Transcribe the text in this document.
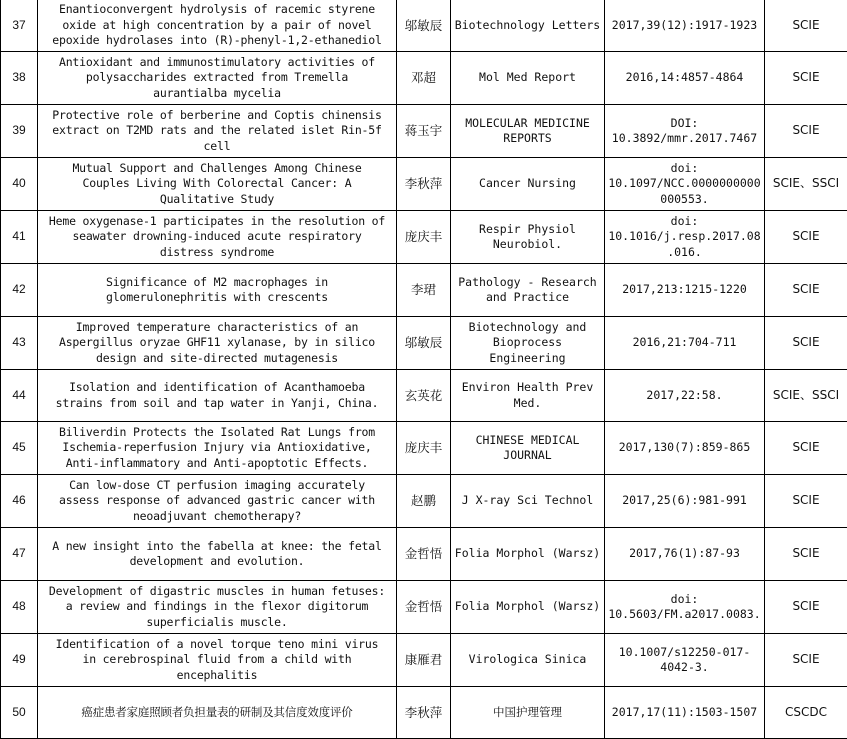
37	Enantioconvergent hydrolysis of racemic styrene
oxide at high concentration by a pair of novel
epoxide hydrolases into (R)-phenyl-1,2-ethanediol	邬敏辰	Biotechnology Letters	2017,39(12):1917-1923	SCIE
38	Antioxidant and immunostimulatory activities of
polysaccharides extracted from Tremella
aurantialba mycelia	邓超	Mol Med Report	2016,14:4857-4864	SCIE
39	Protective role of berberine and Coptis chinensis
extract on T2MD rats and the related islet Rin-5f
cell	蒋玉宇	MOLECULAR MEDICINE
REPORTS	DOI:
10.3892/mmr.2017.7467	SCIE
40	Mutual Support and Challenges Among Chinese
Couples Living With Colorectal Cancer: A
Qualitative Study	李秋萍	Cancer Nursing	doi:
10.1097/NCC.0000000000
000553.	SCIE、SSCI
41	Heme oxygenase-1 participates in the resolution of
seawater drowning-induced acute respiratory
distress syndrome	庞庆丰	Respir Physiol
Neurobiol.	doi:
10.1016/j.resp.2017.08
.016.	SCIE
42	Significance of M2 macrophages in
glomerulonephritis with crescents	李珺	Pathology - Research
and Practice	2017,213:1215-1220	SCIE
43	Improved temperature characteristics of an
Aspergillus oryzae GHF11 xylanase, by in silico
design and site-directed mutagenesis	邬敏辰	Biotechnology and
Bioprocess
Engineering	2016,21:704-711	SCIE
44	Isolation and identification of Acanthamoeba
strains from soil and tap water in Yanji, China.	玄英花	Environ Health Prev
Med.	2017,22:58.	SCIE、SSCI
45	Biliverdin Protects the Isolated Rat Lungs from
Ischemia-reperfusion Injury via Antioxidative,
Anti-inflammatory and Anti-apoptotic Effects.	庞庆丰	CHINESE MEDICAL
JOURNAL	2017,130(7):859-865	SCIE
46	Can low-dose CT perfusion imaging accurately
assess response of advanced gastric cancer with
neoadjuvant chemotherapy?	赵鹏	J X-ray Sci Technol	2017,25(6):981-991	SCIE
47	A new insight into the fabella at knee: the fetal
development and evolution.	金哲悟	Folia Morphol (Warsz)	2017,76(1):87-93	SCIE
48	Development of digastric muscles in human fetuses:
a review and findings in the flexor digitorum
superficialis muscle.	金哲悟	Folia Morphol (Warsz)	doi:
10.5603/FM.a2017.0083.	SCIE
49	Identification of a novel torque teno mini virus
in cerebrospinal fluid from a child with
encephalitis	康雁君	Virologica Sinica	10.1007/s12250-017-
4042-3.	SCIE
50	癌症患者家庭照顾者负担量表的研制及其信度效度评价	李秋萍	中国护理管理	2017,17(11):1503-1507	CSCDC
